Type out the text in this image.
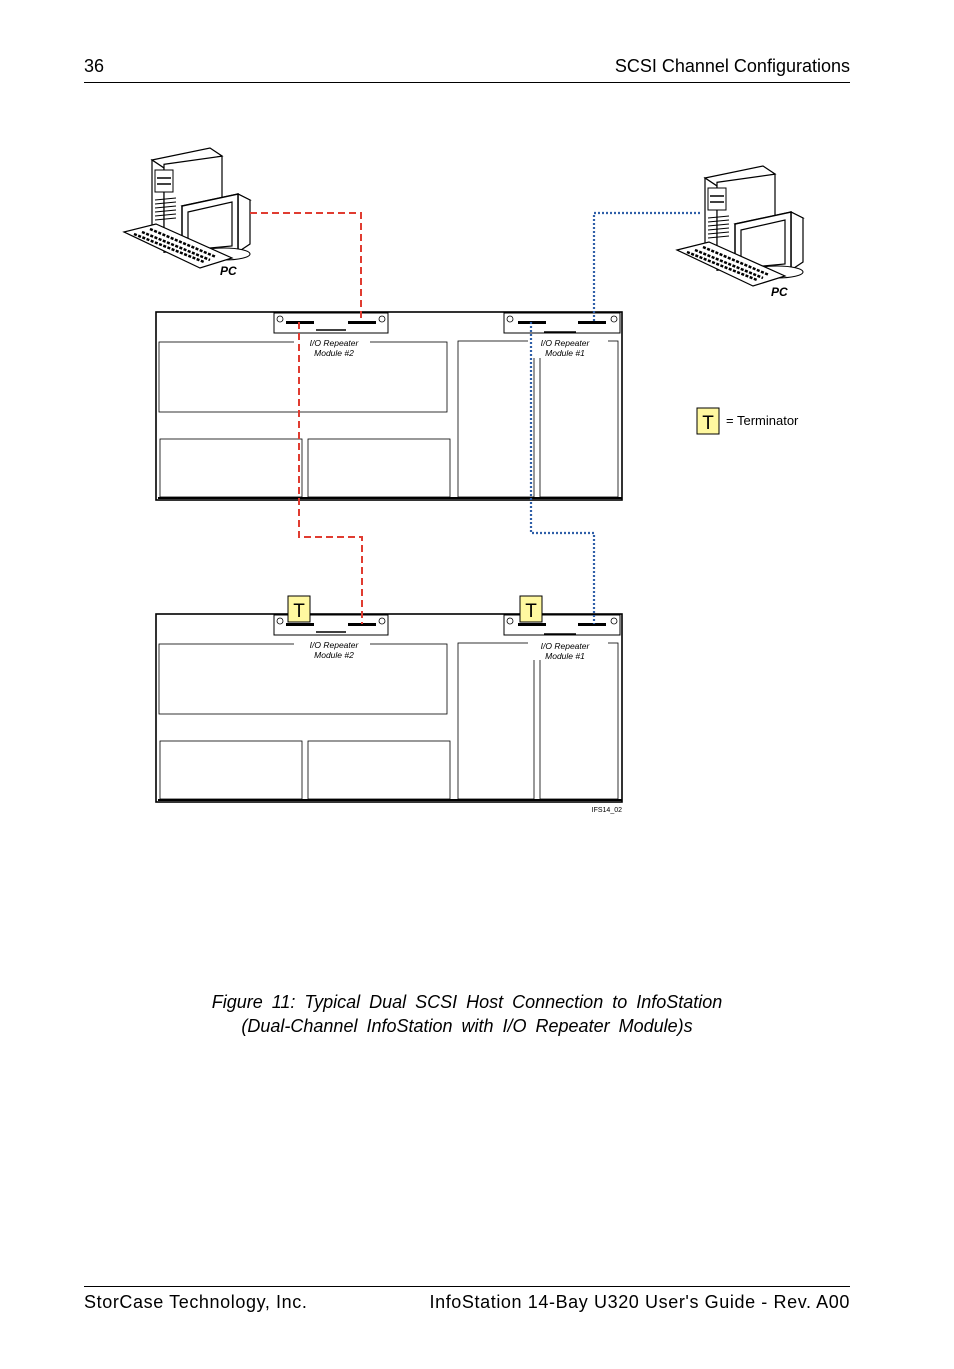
36	SCSI Channel Configurations
PC
PC
I/O Repeater
Module #2
I/O Repeater
Module #1
I/O Repeater
Module #2
I/O Repeater
Module #1
T	T
T = Terminator
IFS14_02
Figure 11: Typical Dual SCSI Host Connection to InfoStation
(Dual-Channel InfoStation with I/O Repeater Module)s
StorCase Technology, Inc.	InfoStation 14-Bay U320 User's Guide - Rev. A00
